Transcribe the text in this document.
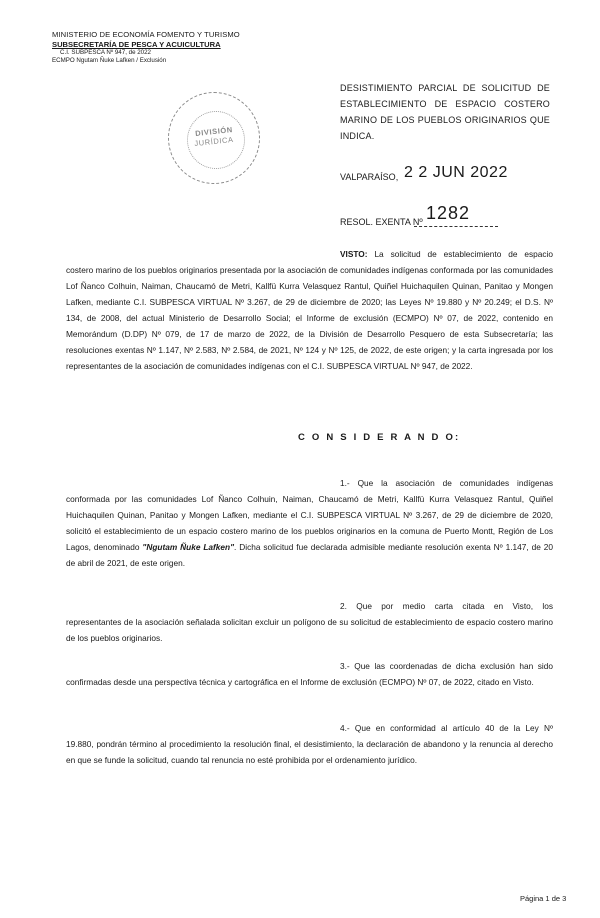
MINISTERIO DE ECONOMÍA FOMENTO Y TURISMO
SUBSECRETARÍA DE PESCA Y ACUICULTURA
C.I. SUBPESCA Nº 947, de 2022
ECMPO Ngutam Ñuke Lafken / Exclusión
DIVISIÓN
JURÍDICA
DESISTIMIENTO PARCIAL DE SOLICITUD DE ESTABLECIMIENTO DE ESPACIO COSTERO MARINO DE LOS PUEBLOS ORIGINARIOS QUE INDICA.
VALPARAÍSO, 2 2 JUN 2022
RESOL. EXENTA Nº 1282
VISTO: La solicitud de establecimiento de espacio costero marino de los pueblos originarios presentada por la asociación de comunidades indígenas conformada por las comunidades Lof Ñanco Colhuin, Naiman, Chaucamó de Metri, Kallfü Kurra Velasquez Rantul, Quiñel Huichaquilen Quinan, Panitao y Mongen Lafken, mediante C.I. SUBPESCA VIRTUAL Nº 3.267, de 29 de diciembre de 2020; las Leyes Nº 19.880 y Nº 20.249; el D.S. Nº 134, de 2008, del actual Ministerio de Desarrollo Social; el Informe de exclusión (ECMPO) Nº 07, de 2022, contenido en Memorándum (D.DP) Nº 079, de 17 de marzo de 2022, de la División de Desarrollo Pesquero de esta Subsecretaría; las resoluciones exentas Nº 1.147, Nº 2.583, Nº 2.584, de 2021, Nº 124 y Nº 125, de 2022, de este origen; y la carta ingresada por los representantes de la asociación de comunidades indígenas con el C.I. SUBPESCA VIRTUAL Nº 947, de 2022.
C O N S I D E R A N D O:
1.- Que la asociación de comunidades indígenas conformada por las comunidades Lof Ñanco Colhuin, Naiman, Chaucamó de Metri, Kallfü Kurra Velasquez Rantul, Quiñel Huichaquilen Quinan, Panitao y Mongen Lafken, mediante el C.I. SUBPESCA VIRTUAL Nº 3.267, de 29 de diciembre de 2020, solicitó el establecimiento de un espacio costero marino de los pueblos originarios en la comuna de Puerto Montt, Región de Los Lagos, denominado "Ngutam Ñuke Lafken". Dicha solicitud fue declarada admisible mediante resolución exenta Nº 1.147, de 20 de abril de 2021, de este origen.
2. Que por medio carta citada en Visto, los representantes de la asociación señalada solicitan excluir un polígono de su solicitud de establecimiento de espacio costero marino de los pueblos originarios.
3.- Que las coordenadas de dicha exclusión han sido confirmadas desde una perspectiva técnica y cartográfica en el Informe de exclusión (ECMPO) Nº 07, de 2022, citado en Visto.
4.- Que en conformidad al artículo 40 de la Ley Nº 19.880, pondrán término al procedimiento la resolución final, el desistimiento, la declaración de abandono y la renuncia al derecho en que se funde la solicitud, cuando tal renuncia no esté prohibida por el ordenamiento jurídico.
Página 1 de 3
